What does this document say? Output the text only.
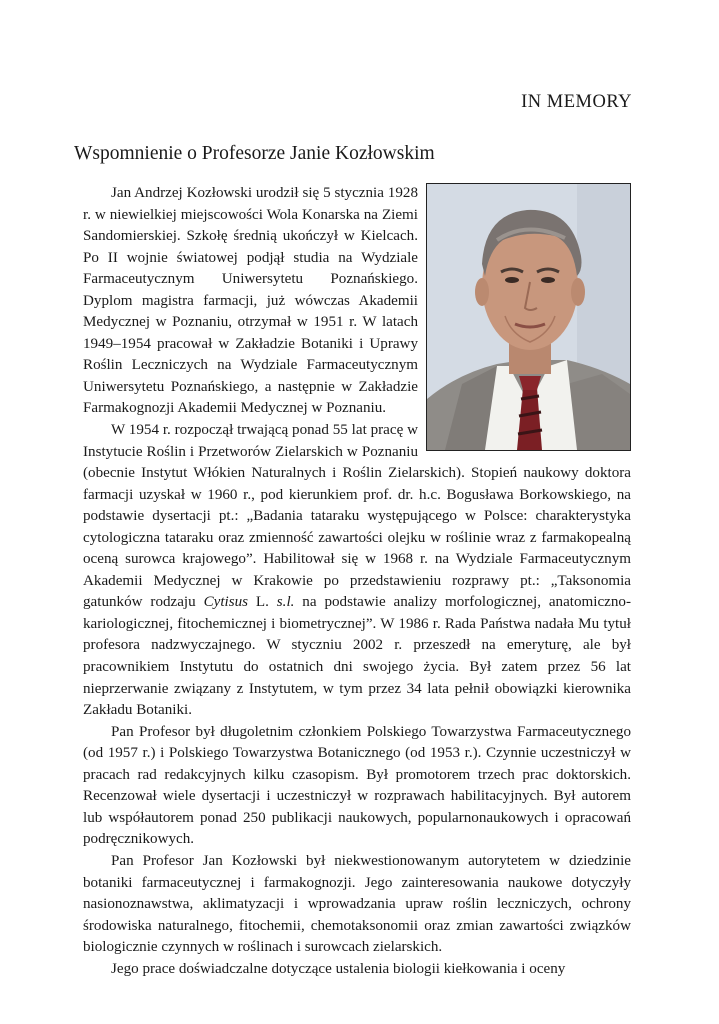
IN MEMORY
Wspomnienie o Profesorze Janie Kozłowskim

Jan Andrzej Kozłowski urodził się 5 stycznia 1928 r. w niewielkiej miejscowości Wola Konarska na Ziemi Sandomierskiej. Szkołę średnią ukończył w Kielcach. Po II wojnie światowej podjął studia na Wydziale Farmaceutycznym Uniwersytetu Poznańskiego. Dyplom magistra farmacji, już wówczas Akademii Medycznej w Poznaniu, otrzymał w 1951 r. W latach 1949–1954 pracował w Zakładzie Botaniki i Uprawy Roślin Leczniczych na Wydziale Farmaceutycznym Uniwersytetu Poznańskiego, a następnie w Zakładzie Farmakognozji Akademii Medycznej w Poznaniu.

W 1954 r. rozpoczął trwającą ponad 55 lat pracę w Instytucie Roślin i Przetworów Zielarskich w Poznaniu (obecnie Instytut Włókien Naturalnych i Roślin Zielarskich). Stopień naukowy doktora farmacji uzyskał w 1960 r., pod kierunkiem prof. dr. h.c. Bogusława Borkowskiego, na podstawie dysertacji pt.: „Badania tataraku występującego w Polsce: charakterystyka cytologiczna tataraku oraz zmienność zawartości olejku w roślinie wraz z farmakopealną oceną surowca krajowego”. Habilitował się w 1968 r. na Wydziale Farmaceutycznym Akademii Medycznej w Krakowie po przedstawieniu rozprawy pt.: „Taksonomia gatunków rodzaju Cytisus L. s.l. na podstawie analizy morfologicznej, anatomiczno-kariologicznej, fitochemicznej i biometrycznej”. W 1986 r. Rada Państwa nadała Mu tytuł profesora nadzwyczajnego. W styczniu 2002 r. przeszedł na emeryturę, ale był pracownikiem Instytutu do ostatnich dni swojego życia. Był zatem przez 56 lat nieprzerwanie związany z Instytutem, w tym przez 34 lata pełnił obowiązki kierownika Zakładu Botaniki.

Pan Profesor był długoletnim członkiem Polskiego Towarzystwa Farmaceutycznego (od 1957 r.) i Polskiego Towarzystwa Botanicznego (od 1953 r.). Czynnie uczestniczył w pracach rad redakcyjnych kilku czasopism. Był promotorem trzech prac doktorskich. Recenzował wiele dysertacji i uczestniczył w rozprawach habilitacyjnych. Był autorem lub współautorem ponad 250 publikacji naukowych, popularnonaukowych i opracowań podręcznikowych.

Pan Profesor Jan Kozłowski był niekwestionowanym autorytetem w dziedzinie botaniki farmaceutycznej i farmakognozji. Jego zainteresowania naukowe dotyczyły nasionoznawstwa, aklimatyzacji i wprowadzania upraw roślin leczniczych, ochrony środowiska naturalnego, fitochemii, chemotaksonomii oraz zmian zawartości związków biologicznie czynnych w roślinach i surowcach zielarskich.

Jego prace doświadczalne dotyczące ustalenia biologii kiełkowania i oceny
